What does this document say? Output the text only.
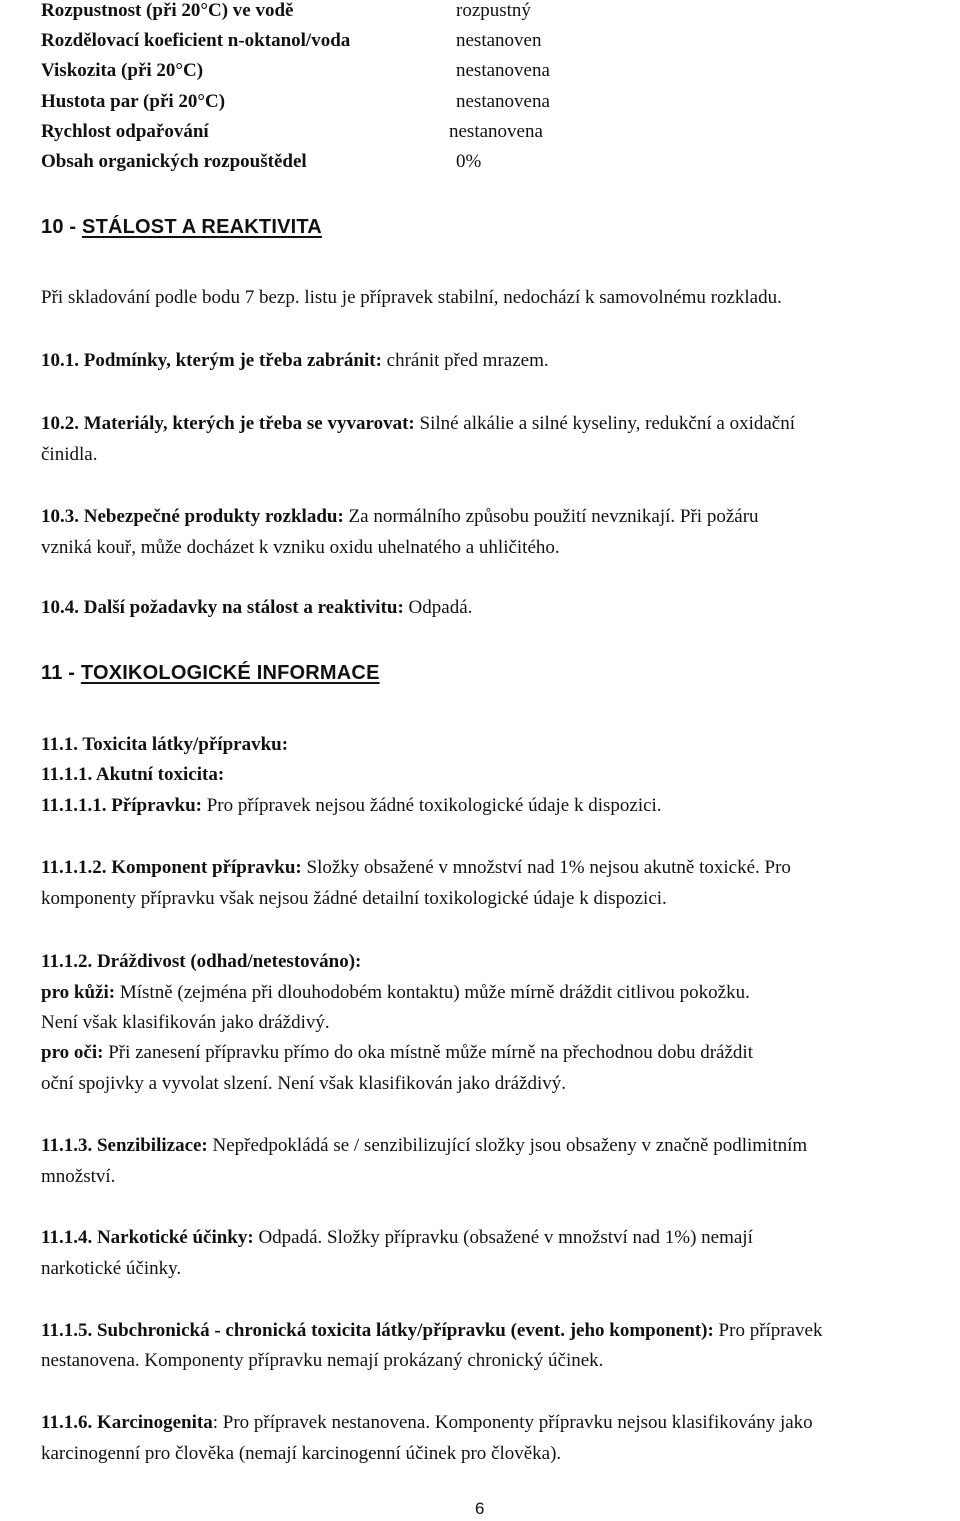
Rozpustnost (při 20°C) ve vodě	rozpustný
Rozdělovací koeficient n-oktanol/voda	nestanoven
Viskozita (při 20°C)	nestanovena
Hustota par (při 20°C)	nestanovena
Rychlost odpařování	nestanovena
Obsah organických rozpouštědel	0%
10 - STÁLOST A REAKTIVITA
Při skladování podle bodu 7 bezp. listu je přípravek stabilní, nedochází k samovolnému rozkladu.
10.1. Podmínky, kterým je třeba zabránit: chránit před mrazem.
10.2. Materiály, kterých je třeba se vyvarovat: Silné alkálie a silné kyseliny, redukční a oxidační
činidla.
10.3. Nebezpečné produkty rozkladu: Za normálního způsobu použití nevznikají. Při požáru
vzniká kouř, může docházet k vzniku oxidu uhelnatého a uhličitého.
10.4. Další požadavky na stálost a reaktivitu: Odpadá.
11 - TOXIKOLOGICKÉ INFORMACE
11.1. Toxicita látky/přípravku:
11.1.1. Akutní toxicita:
11.1.1.1. Přípravku: Pro přípravek nejsou žádné toxikologické údaje k dispozici.
11.1.1.2. Komponent přípravku: Složky obsažené v množství nad 1% nejsou akutně toxické. Pro
komponenty přípravku však nejsou žádné detailní toxikologické údaje k dispozici.
11.1.2. Dráždivost (odhad/netestováno):
pro kůži: Místně (zejména při dlouhodobém kontaktu) může mírně dráždit citlivou pokožku.
Není však klasifikován jako dráždivý.
pro oči: Při zanesení přípravku přímo do oka místně může mírně na přechodnou dobu dráždit
oční spojivky a vyvolat slzení. Není však klasifikován jako dráždivý.
11.1.3. Senzibilizace: Nepředpokládá se / senzibilizující složky jsou obsaženy v značně podlimitním
množství.
11.1.4. Narkotické účinky: Odpadá. Složky přípravku (obsažené v množství nad 1%) nemají
narkotické účinky.
11.1.5. Subchronická - chronická toxicita látky/přípravku (event. jeho komponent): Pro přípravek
nestanovena. Komponenty přípravku nemají prokázaný chronický účinek.
11.1.6. Karcinogenita: Pro přípravek nestanovena. Komponenty přípravku nejsou klasifikovány jako
karcinogenní pro člověka (nemají karcinogenní účinek pro člověka).
6
